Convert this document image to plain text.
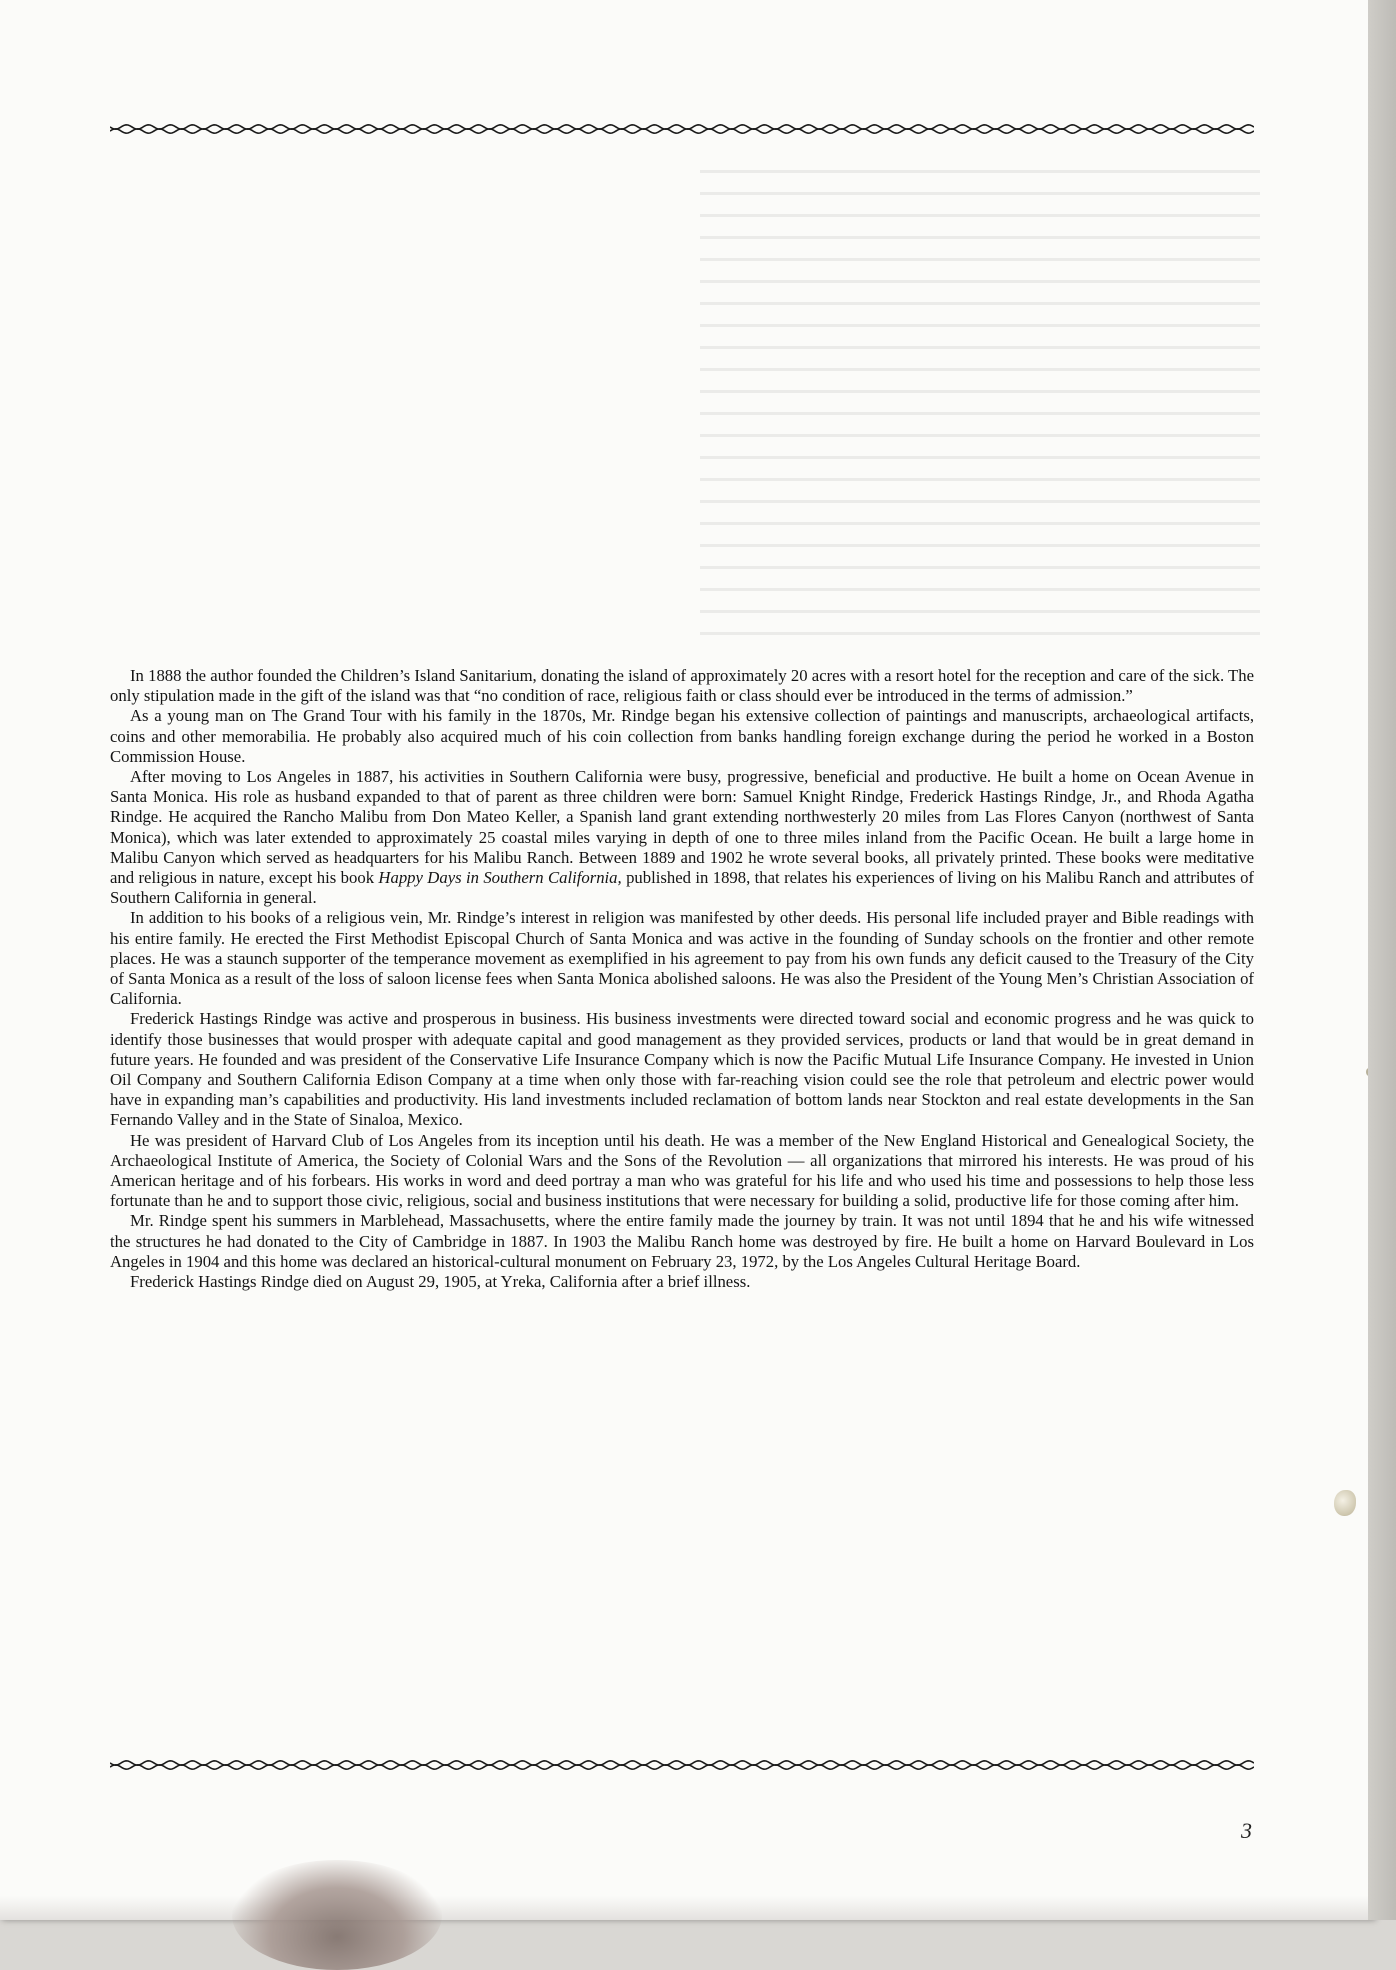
In 1888 the author founded the Children’s Island Sanitarium, donating the island of approximately 20 acres with a resort hotel for the reception and care of the sick. The only stipulation made in the gift of the island was that “no condition of race, religious faith or class should ever be introduced in the terms of admission.”

As a young man on The Grand Tour with his family in the 1870s, Mr. Rindge began his extensive collection of paintings and manuscripts, archaeological artifacts, coins and other memorabilia. He probably also acquired much of his coin collection from banks handling foreign exchange during the period he worked in a Boston Commission House.

After moving to Los Angeles in 1887, his activities in Southern California were busy, progressive, beneficial and productive. He built a home on Ocean Avenue in Santa Monica. His role as husband expanded to that of parent as three children were born: Samuel Knight Rindge, Frederick Hastings Rindge, Jr., and Rhoda Agatha Rindge. He acquired the Rancho Malibu from Don Mateo Keller, a Spanish land grant extending northwesterly 20 miles from Las Flores Canyon (northwest of Santa Monica), which was later extended to approximately 25 coastal miles varying in depth of one to three miles inland from the Pacific Ocean. He built a large home in Malibu Canyon which served as headquarters for his Malibu Ranch. Between 1889 and 1902 he wrote several books, all privately printed. These books were meditative and religious in nature, except his book Happy Days in Southern California, published in 1898, that relates his experiences of living on his Malibu Ranch and attributes of Southern California in general.

In addition to his books of a religious vein, Mr. Rindge’s interest in religion was manifested by other deeds. His personal life included prayer and Bible readings with his entire family. He erected the First Methodist Episcopal Church of Santa Monica and was active in the founding of Sunday schools on the frontier and other remote places. He was a staunch supporter of the temperance movement as exemplified in his agreement to pay from his own funds any deficit caused to the Treasury of the City of Santa Monica as a result of the loss of saloon license fees when Santa Monica abolished saloons. He was also the President of the Young Men’s Christian Association of California.

Frederick Hastings Rindge was active and prosperous in business. His business investments were directed toward social and economic progress and he was quick to identify those businesses that would prosper with adequate capital and good management as they provided services, products or land that would be in great demand in future years. He founded and was president of the Conservative Life Insurance Company which is now the Pacific Mutual Life Insurance Company. He invested in Union Oil Company and Southern California Edison Company at a time when only those with far-reaching vision could see the role that petroleum and electric power would have in expanding man’s capabilities and productivity. His land investments included reclamation of bottom lands near Stockton and real estate developments in the San Fernando Valley and in the State of Sinaloa, Mexico.

He was president of Harvard Club of Los Angeles from its inception until his death. He was a member of the New England Historical and Genealogical Society, the Archaeological Institute of America, the Society of Colonial Wars and the Sons of the Revolution — all organizations that mirrored his interests. He was proud of his American heritage and of his forbears. His works in word and deed portray a man who was grateful for his life and who used his time and possessions to help those less fortunate than he and to support those civic, religious, social and business institutions that were necessary for building a solid, productive life for those coming after him.

Mr. Rindge spent his summers in Marblehead, Massachusetts, where the entire family made the journey by train. It was not until 1894 that he and his wife witnessed the structures he had donated to the City of Cambridge in 1887. In 1903 the Malibu Ranch home was destroyed by fire. He built a home on Harvard Boulevard in Los Angeles in 1904 and this home was declared an historical-cultural monument on February 23, 1972, by the Los Angeles Cultural Heritage Board.

Frederick Hastings Rindge died on August 29, 1905, at Yreka, California after a brief illness.

3
